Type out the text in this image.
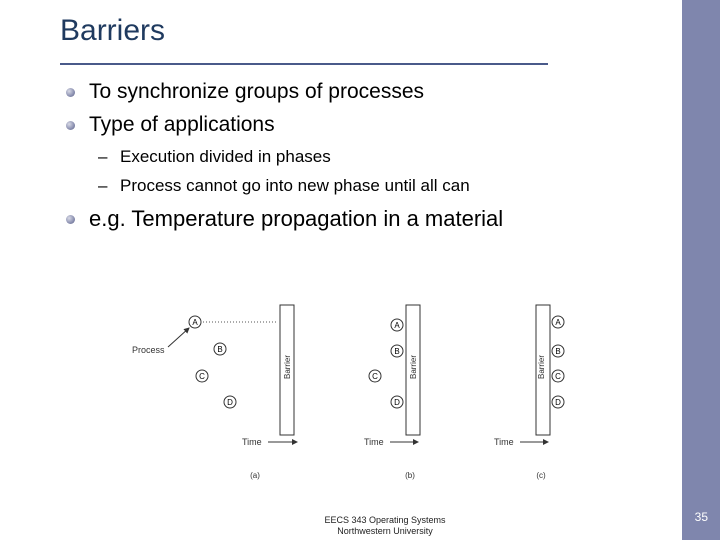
Barriers
To synchronize groups of processes
Type of applications
– Execution divided in phases
– Process cannot go into new phase until all can
e.g. Temperature propagation in a material
Barrier
A
B
C
D
Process
Time
(a)
Barrier
A
B
C
D
Time
(b)
Barrier
A
B
C
D
Time
(c)
EECS 343 Operating Systems
Northwestern University
35
